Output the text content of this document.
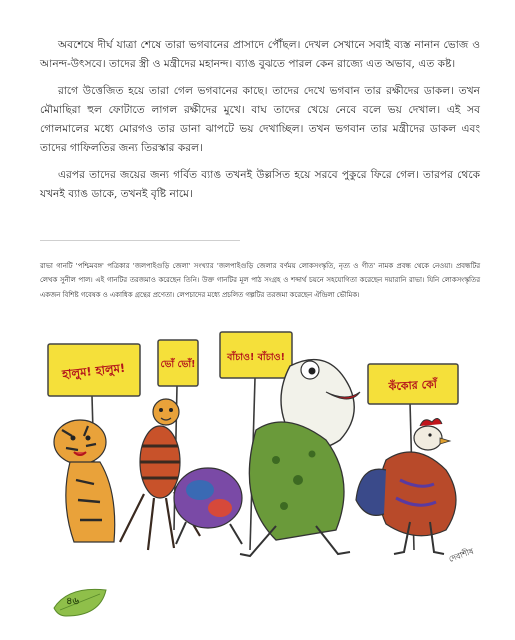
অবশেষে দীর্ঘ যাত্রা শেষে তারা ভগবানের প্রাসাদে পৌঁছল। দেখল সেখানে সবাই ব্যস্ত নানান ভোজ ও আনন্দ-উৎসবে। তাদের স্ত্রী ও মন্ত্রীদের মহানন্দ। ব্যাঙ বুঝতে পারল কেন রাজ্যে এত অভাব, এত কষ্ট।

রাগে উত্তেজিত হয়ে তারা গেল ভগবানের কাছে। তাদের দেখে ভগবান তার রক্ষীদের ডাকল। তখন মৌমাছিরা হুল ফোটাতে লাগল রক্ষীদের মুখে। বাঘ তাদের খেয়ে নেবে বলে ভয় দেখাল। এই সব গোলমালের মধ্যে মোরগও তার ডানা ঝাপটে ভয় দেখাচ্ছিল। তখন ভগবান তার মন্ত্রীদের ডাকল এবং তাদের গাফিলতির জন্য তিরস্কার করল।

এরপর তাদের জয়ের জন্য গর্বিত ব্যাঙ তখনই উল্লসিত হয়ে সরবে পুকুরে ফিরে গেল। তারপর থেকে যখনই ব্যাঙ ডাকে, তখনই বৃষ্টি নামে।

রাভা গানটি 'পশ্চিমবঙ্গ' পত্রিকার 'জলপাইগুড়ি জেলা' সংখ্যার 'জলপাইগুড়ি জেলার বর্ণময় লোকসংস্কৃতি, নৃত্য ও গীত' নামক প্রবন্ধ থেকে নেওয়া। প্রবন্ধটির লেখক সুনীল পাল। এই গানটির তরজমাও করেছেন তিনি। উক্ত গানটির মূল পাঠ সংগ্রহ ও শব্দার্থ চয়নে সহযোগিতা করেছেন দয়ারানি রাভা। যিনি লোকসংস্কৃতির একজন বিশিষ্ট গবেষক ও একাধিক গ্রন্থের প্রণেতা। লেপচাদের মধ্যে প্রচলিত গল্পটির তরজমা করেছেন ঐন্দ্রিলা ভৌমিক।

হালুম! হালুম!	ভোঁ ভোঁ!
বাঁচাও! বাঁচাও!
কঁকোর কোঁ
দেবাশীষ
৪৬
